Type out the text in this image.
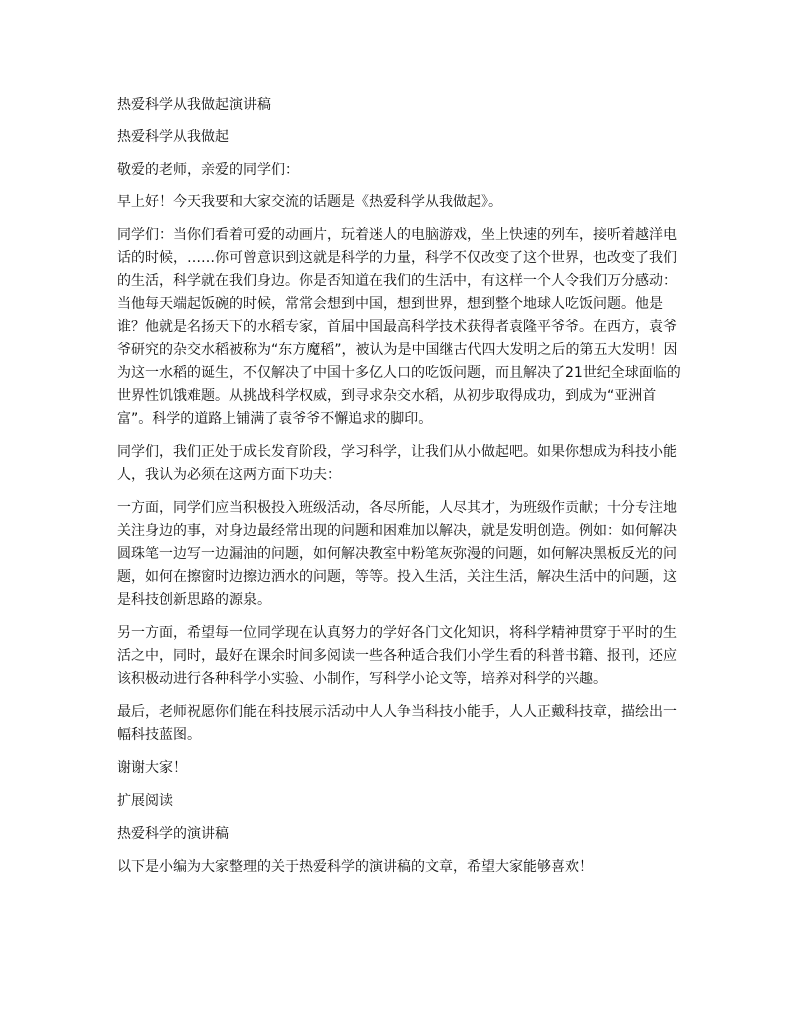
热爱科学从我做起演讲稿

热爱科学从我做起

敬爱的老师，亲爱的同学们：

早上好！今天我要和大家交流的话题是《热爱科学从我做起》。

同学们：当你们看着可爱的动画片，玩着迷人的电脑游戏，坐上快速的列车，接听着越洋电话的时候，……你可曾意识到这就是科学的力量，科学不仅改变了这个世界，也改变了我们的生活，科学就在我们身边。你是否知道在我们的生活中，有这样一个人令我们万分感动：当他每天端起饭碗的时候，常常会想到中国，想到世界，想到整个地球人吃饭问题。他是谁？他就是名扬天下的水稻专家，首届中国最高科学技术获得者袁隆平爷爷。在西方，袁爷爷研究的杂交水稻被称为“东方魔稻”，被认为是中国继古代四大发明之后的第五大发明！因为这一水稻的诞生，不仅解决了中国十多亿人口的吃饭问题，而且解决了21世纪全球面临的世界性饥饿难题。从挑战科学权威，到寻求杂交水稻，从初步取得成功，到成为“亚洲首富”。科学的道路上铺满了袁爷爷不懈追求的脚印。

同学们，我们正处于成长发育阶段，学习科学，让我们从小做起吧。如果你想成为科技小能人，我认为必须在这两方面下功夫：

一方面，同学们应当积极投入班级活动，各尽所能，人尽其才，为班级作贡献；十分专注地关注身边的事，对身边最经常出现的问题和困难加以解决，就是发明创造。例如：如何解决圆珠笔一边写一边漏油的问题，如何解决教室中粉笔灰弥漫的问题，如何解决黑板反光的问题，如何在擦窗时边擦边洒水的问题，等等。投入生活，关注生活，解决生活中的问题，这是科技创新思路的源泉。

另一方面，希望每一位同学现在认真努力的学好各门文化知识，将科学精神贯穿于平时的生活之中，同时，最好在课余时间多阅读一些各种适合我们小学生看的科普书籍、报刊，还应该积极动进行各种科学小实验、小制作，写科学小论文等，培养对科学的兴趣。

最后，老师祝愿你们能在科技展示活动中人人争当科技小能手，人人正戴科技章，描绘出一幅科技蓝图。

谢谢大家！

扩展阅读

热爱科学的演讲稿

以下是小编为大家整理的关于热爱科学的演讲稿的文章，希望大家能够喜欢！
